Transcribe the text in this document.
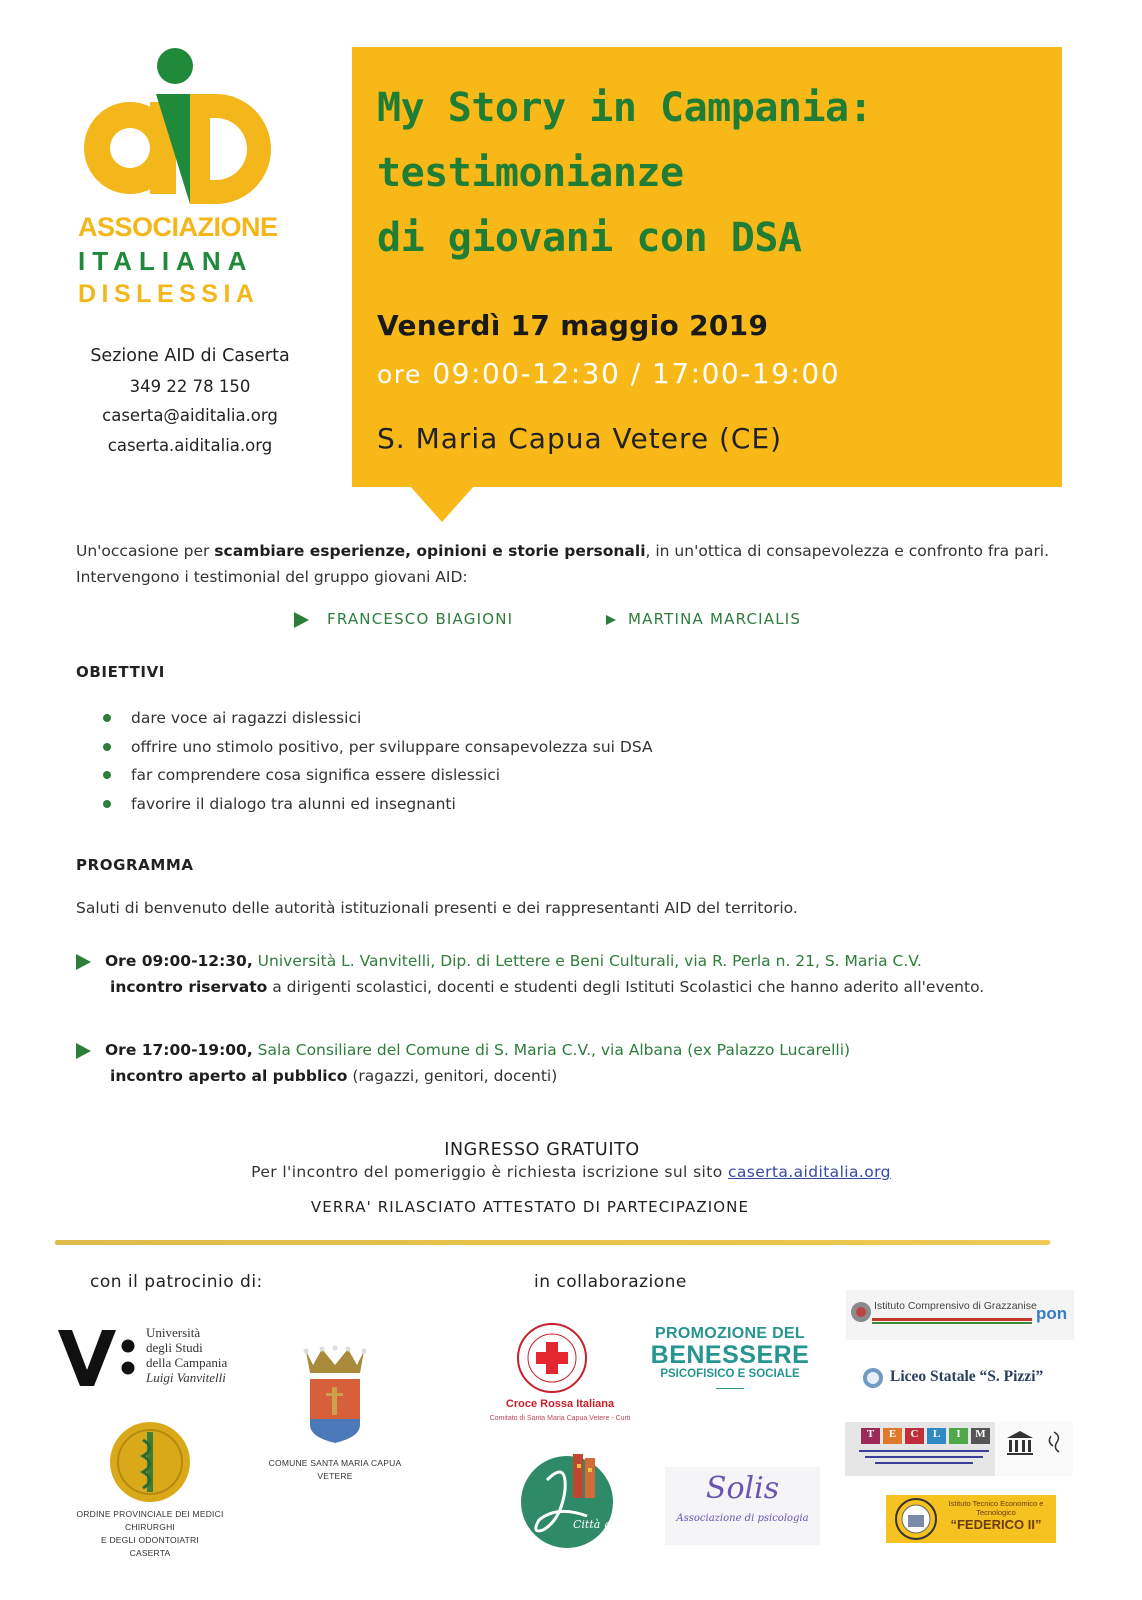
ASSOCIAZIONE
ITALIANA
DISLESSIA
Sezione AID di Caserta
349 22 78 150
caserta@aiditalia.org
caserta.aiditalia.org
My Story in Campania:
testimonianze
di giovani con DSA
Venerdì 17 maggio 2019
ore 09:00-12:30 / 17:00-19:00
S. Maria Capua Vetere (CE)
Un'occasione per scambiare esperienze, opinioni e storie personali, in un'ottica di consapevolezza e confronto fra pari. Intervengono i testimonial del gruppo giovani AID:
FRANCESCO BIAGIONI	MARTINA MARCIALIS
OBIETTIVI
dare voce ai ragazzi dislessici
offrire uno stimolo positivo, per sviluppare consapevolezza sui DSA
far comprendere cosa significa essere dislessici
favorire il dialogo tra alunni ed insegnanti
PROGRAMMA
Saluti di benvenuto delle autorità istituzionali presenti e dei rappresentanti AID del territorio.
Ore 09:00-12:30, Università L. Vanvitelli, Dip. di Lettere e Beni Culturali, via R. Perla n. 21, S. Maria C.V.
incontro riservato a dirigenti scolastici, docenti e studenti degli Istituti Scolastici che hanno aderito all'evento.
Ore 17:00-19:00, Sala Consiliare del Comune di S. Maria C.V., via Albana (ex Palazzo Lucarelli)
incontro aperto al pubblico (ragazzi, genitori, docenti)
INGRESSO GRATUITO
Per l'incontro del pomeriggio è richiesta iscrizione sul sito caserta.aiditalia.org
VERRA' RILASCIATO ATTESTATO DI PARTECIPAZIONE
con il patrocinio di:	in collaborazione
Università
degli Studi
della Campania
Luigi Vanvitelli
COMUNE SANTA MARIA CAPUA VETERE
ORDINE PROVINCIALE DEI MEDICI CHIRURGHI
E DEGLI ODONTOIATRI
CASERTA
Croce Rossa Italiana
Comitato di Santa Maria Capua Vetere - Curti
PROMOZIONE DEL
BENESSERE
PSICOFISICO E SOCIALE
Città giovane
Solis
Associazione di psicologia
Istituto Comprensivo di Grazzanise pon
Liceo Statale “S. Pizzi”
T	E	C	L	I	M
Istituto Tecnico Economico e Tecnologico
“FEDERICO II”
